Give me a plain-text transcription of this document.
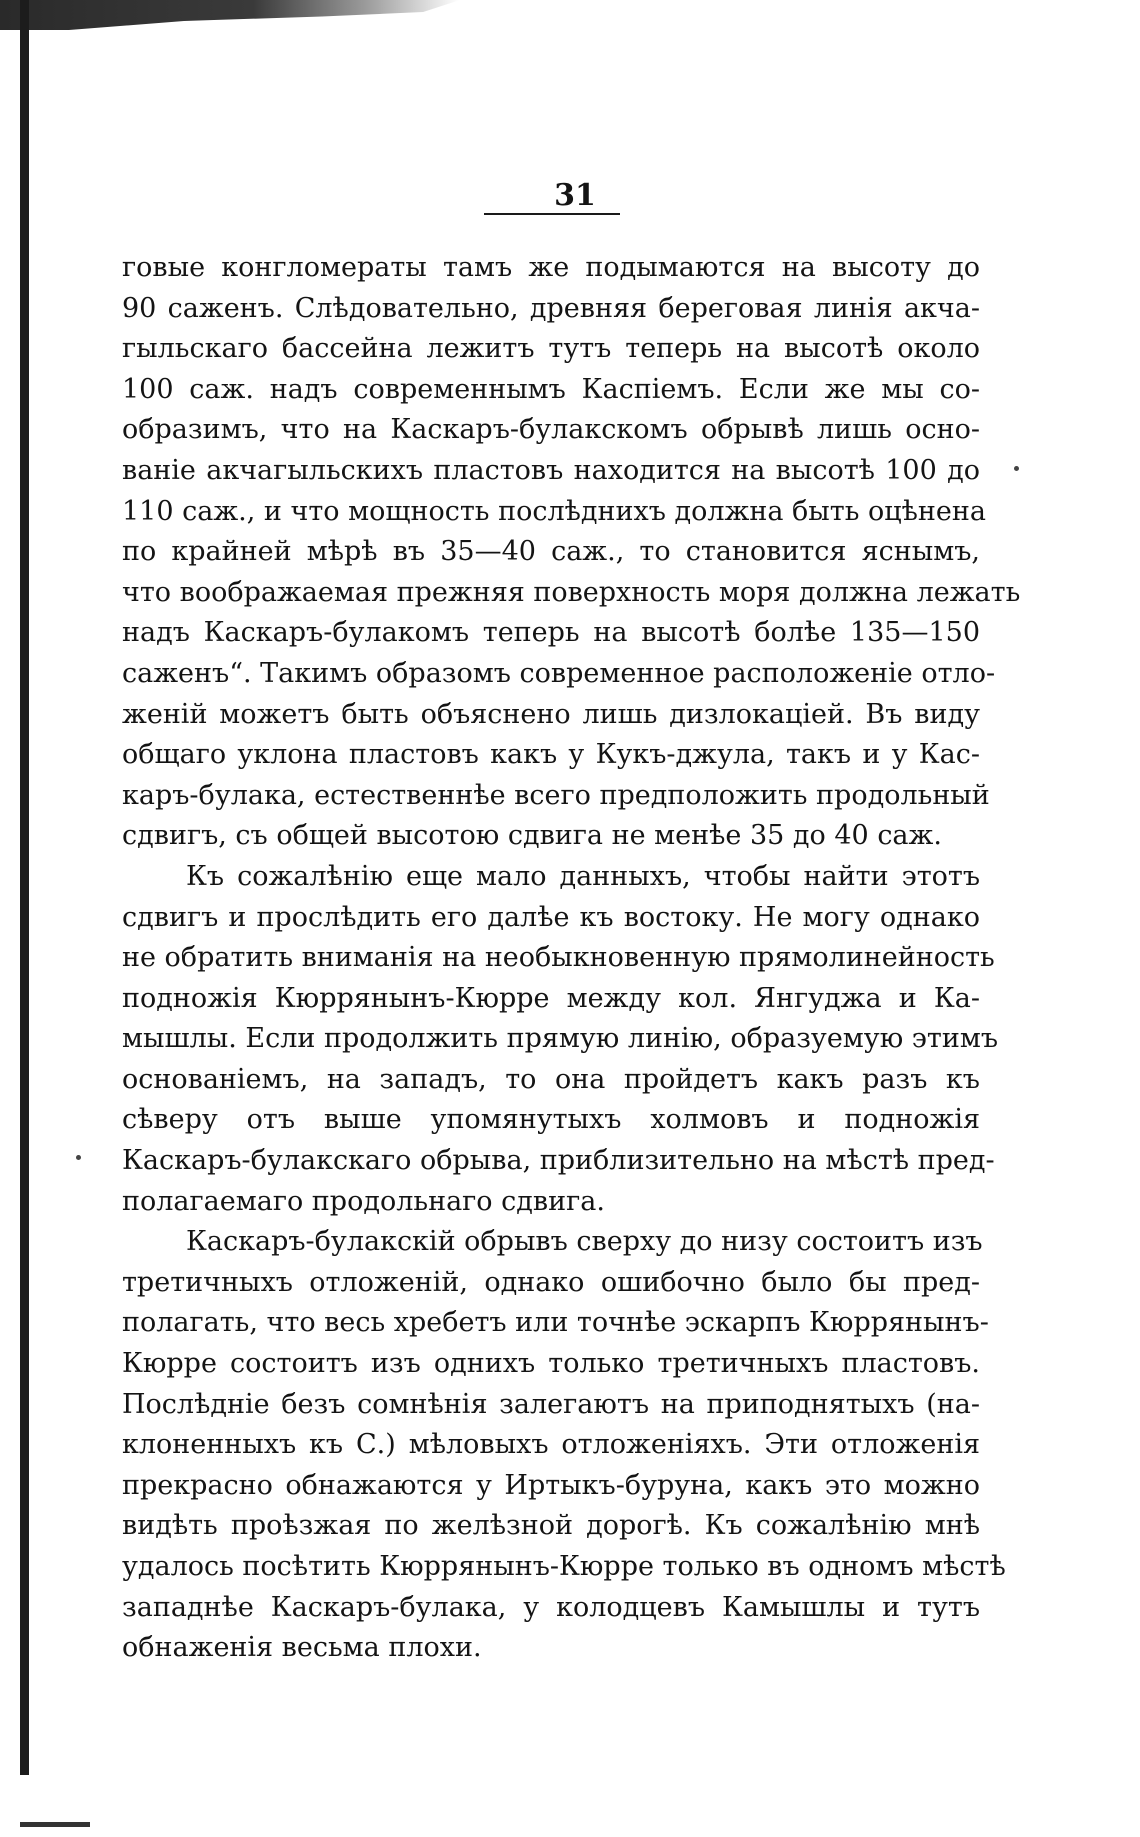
31
говые конгломераты тамъ же подымаются на высоту до
90 саженъ. Слѣдовательно, древняя береговая линія акча-
гыльскаго бассейна лежитъ тутъ теперь на высотѣ около
100 саж. надъ современнымъ Каспіемъ. Если же мы со-
образимъ, что на Каскаръ-булакскомъ обрывѣ лишь осно-
ваніе акчагыльскихъ пластовъ находится на высотѣ 100 до
110 саж., и что мощность послѣднихъ должна быть оцѣнена
по крайней мѣрѣ въ 35—40 саж., то становится яснымъ,
что воображаемая прежняя поверхность моря должна лежать
надъ Каскаръ-булакомъ теперь на высотѣ болѣе 135—150
саженъ“. Такимъ образомъ современное расположеніе отло-
женій можетъ быть объяснено лишь дизлокаціей. Въ виду
общаго уклона пластовъ какъ у Кукъ-джула, такъ и у Кас-
каръ-булака, естественнѣе всего предположить продольный
сдвигъ, съ общей высотою сдвига не менѣе 35 до 40 саж.
Къ сожалѣнію еще мало данныхъ, чтобы найти этотъ
сдвигъ и прослѣдить его далѣе къ востоку. Не могу однако
не обратить вниманія на необыкновенную прямолинейность
подножія Кюррянынъ-Кюрре между кол. Янгуджа и Ка-
мышлы. Если продолжить прямую линію, образуемую этимъ
основаніемъ, на западъ, то она пройдетъ какъ разъ къ
сѣверу отъ выше упомянутыхъ холмовъ и подножія
Каскаръ-булакскаго обрыва, приблизительно на мѣстѣ пред-
полагаемаго продольнаго сдвига.
Каскаръ-булакскій обрывъ сверху до низу состоитъ изъ
третичныхъ отложеній, однако ошибочно было бы пред-
полагать, что весь хребетъ или точнѣе эскарпъ Кюррянынъ-
Кюрре состоитъ изъ однихъ только третичныхъ пластовъ.
Послѣдніе безъ сомнѣнія залегаютъ на приподнятыхъ (на-
клоненныхъ къ С.) мѣловыхъ отложеніяхъ. Эти отложенія
прекрасно обнажаются у Иртыкъ-буруна, какъ это можно
видѣть проѣзжая по желѣзной дорогѣ. Къ сожалѣнію мнѣ
удалось посѣтить Кюррянынъ-Кюрре только въ одномъ мѣстѣ
западнѣе Каскаръ-булака, у колодцевъ Камышлы и тутъ
обнаженія весьма плохи.
